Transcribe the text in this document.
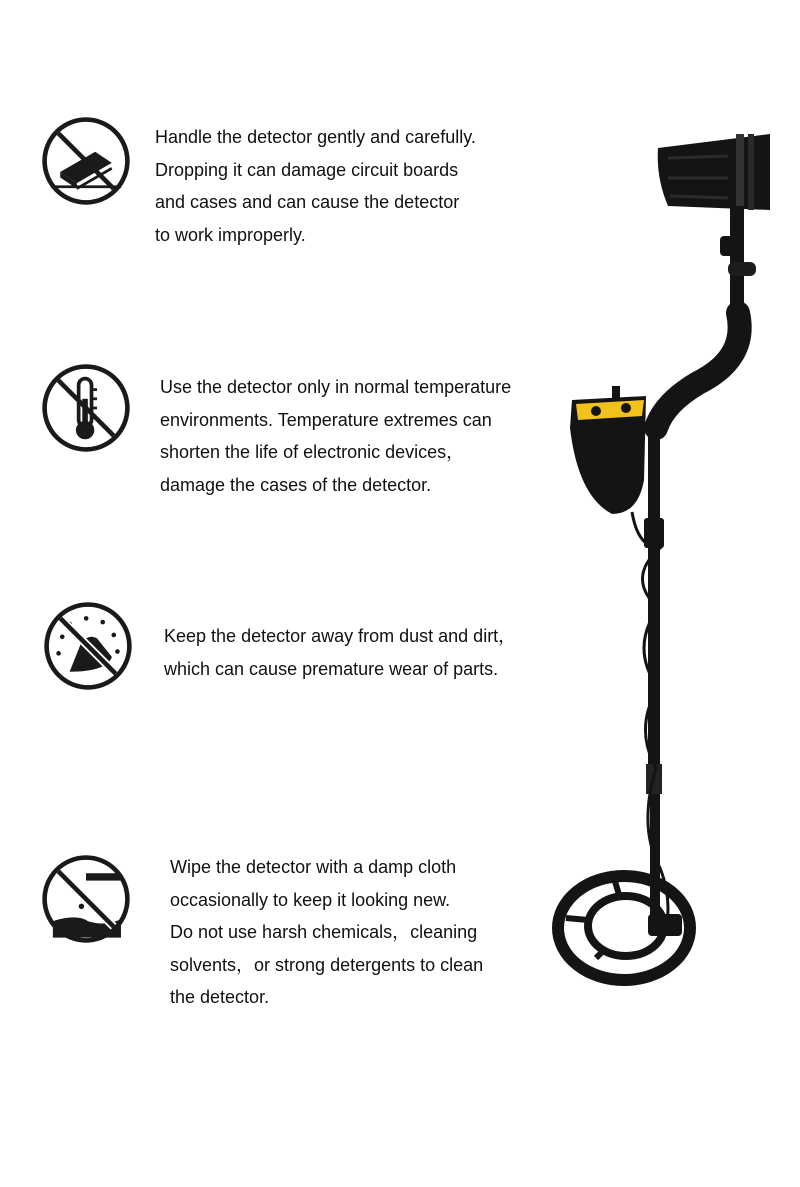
Handle the detector gently and carefully.
Dropping it can damage circuit boards
and cases and can cause the detector
to work improperly.
Use the detector only in normal temperature
environments. Temperature extremes can
shorten the life of electronic devices，
damage the cases of the detector.
Keep the detector away from dust and dirt，
which can cause premature wear of parts.
Wipe the detector with a damp cloth
occasionally to keep it looking new.
Do not use harsh chemicals，cleaning
solvents，or strong detergents to clean
the detector.
